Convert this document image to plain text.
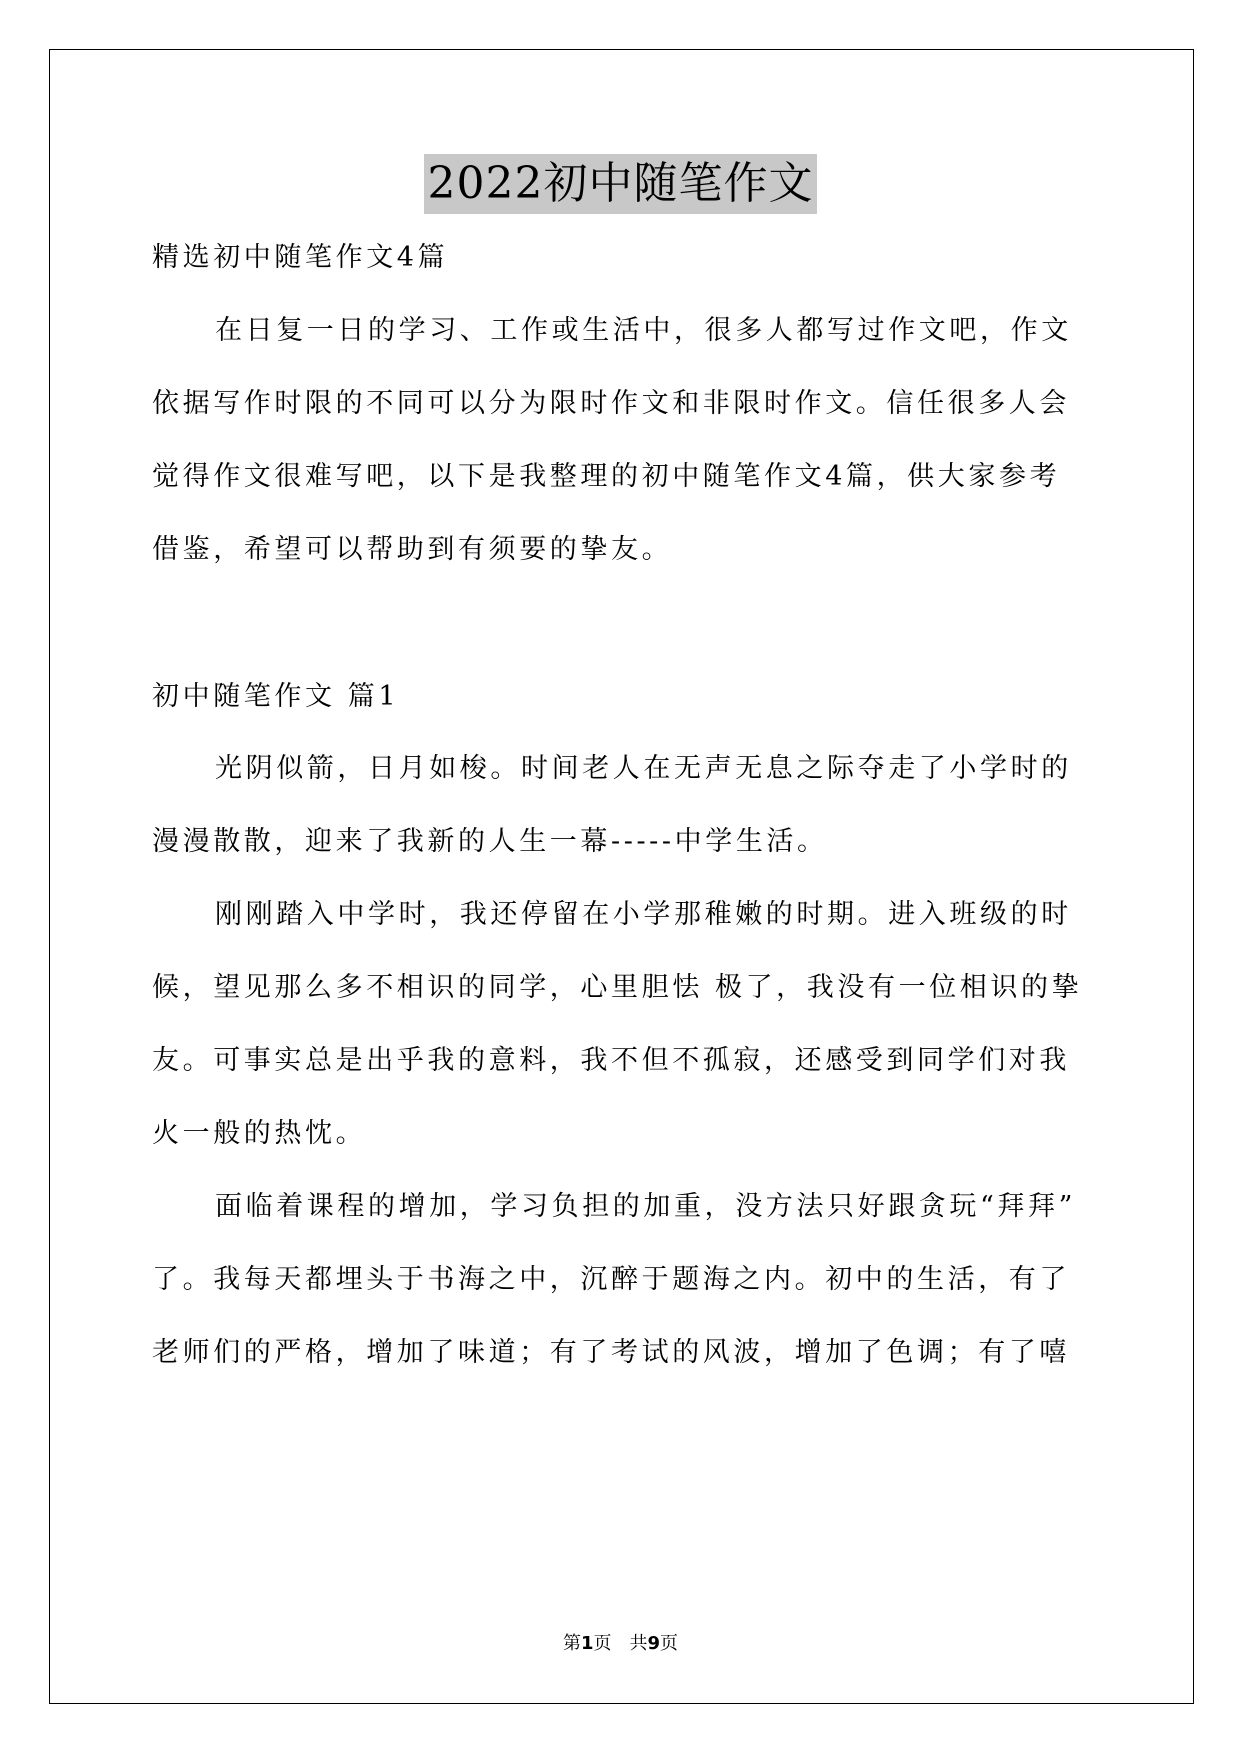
2022初中随笔作文
精选初中随笔作文4篇
在日复一日的学习、工作或生活中，很多人都写过作文吧，作文
依据写作时限的不同可以分为限时作文和非限时作文。信任很多人会
觉得作文很难写吧，以下是我整理的初中随笔作文4篇，供大家参考
借鉴，希望可以帮助到有须要的挚友。
初中随笔作文 篇1
光阴似箭，日月如梭。时间老人在无声无息之际夺走了小学时的
漫漫散散，迎来了我新的人生一幕-----中学生活。
刚刚踏入中学时，我还停留在小学那稚嫩的时期。进入班级的时
候，望见那么多不相识的同学，心里胆怯 极了，我没有一位相识的挚
友。可事实总是出乎我的意料，我不但不孤寂，还感受到同学们对我
火一般的热忱。
面临着课程的增加，学习负担的加重，没方法只好跟贪玩“拜拜”
了。我每天都埋头于书海之中，沉醉于题海之内。初中的生活，有了
老师们的严格，增加了味道；有了考试的风波，增加了色调；有了嘻
第1页　共9页
